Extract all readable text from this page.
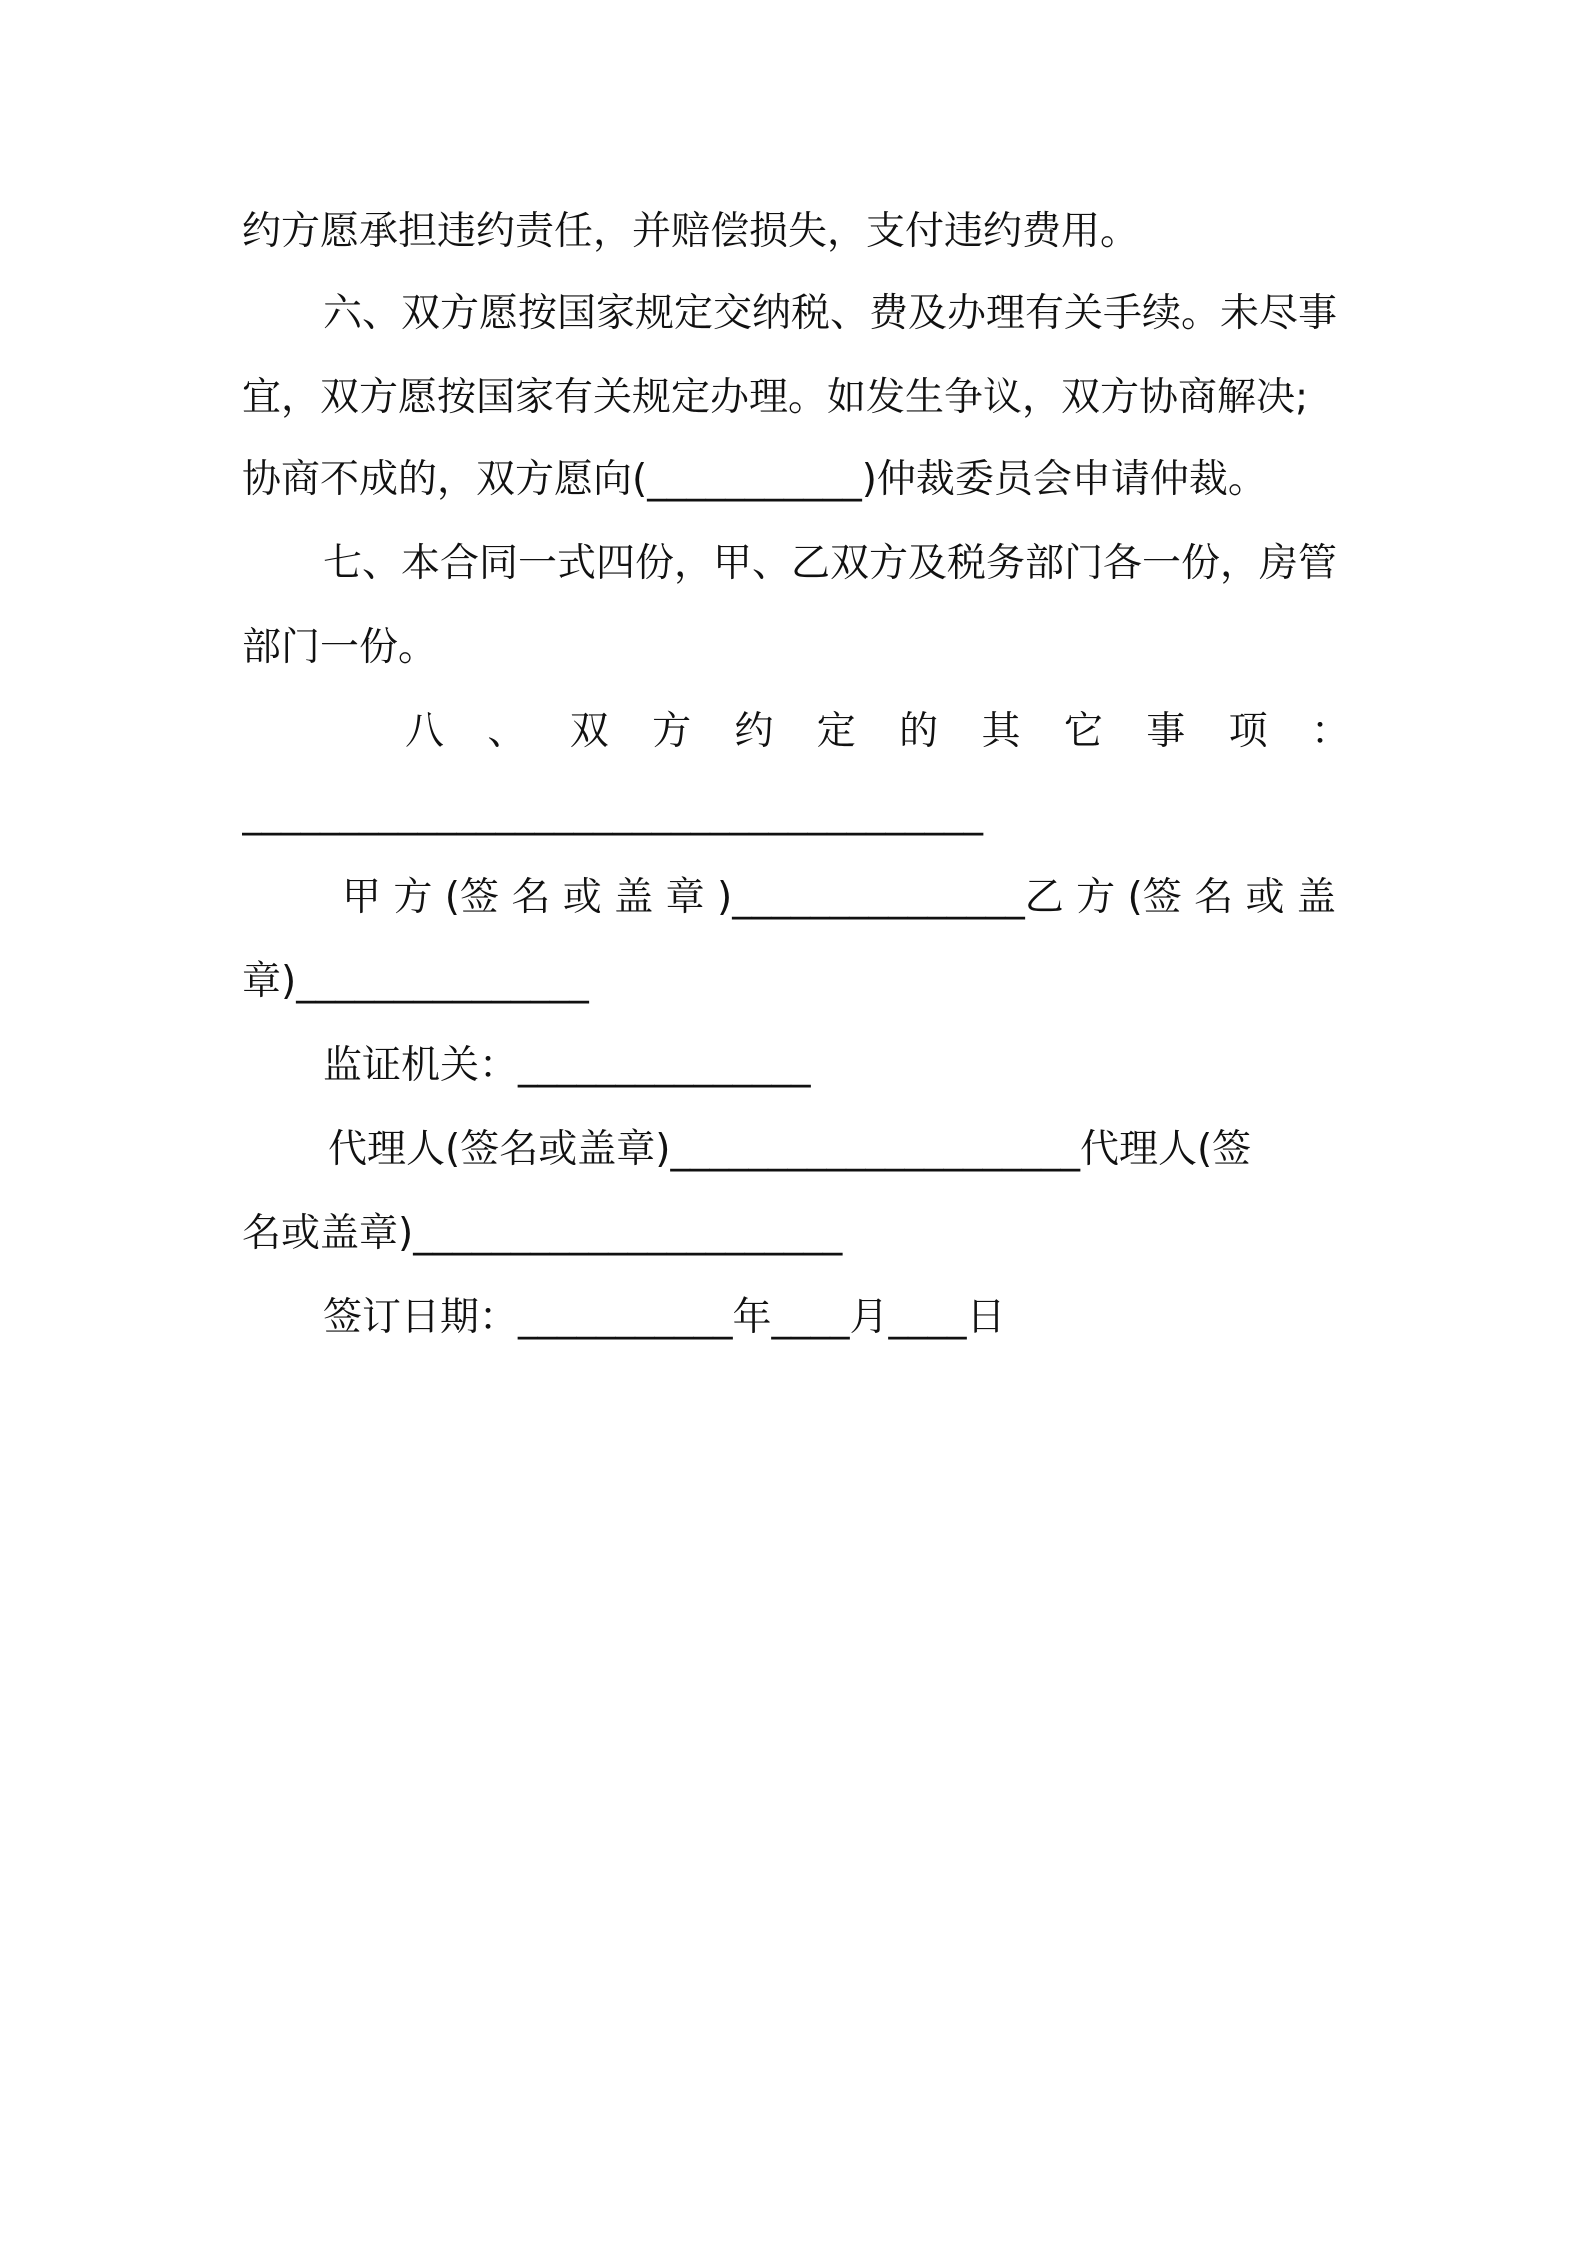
约方愿承担违约责任，并赔偿损失，支付违约费用。
六、双方愿按国家规定交纳税、费及办理有关手续。未尽事
宜，双方愿按国家有关规定办理。如发生争议，双方协商解决;
协商不成的，双方愿向(___________)仲裁委员会申请仲裁。
七、本合同一式四份，甲、乙双方及税务部门各一份，房管
部门一份。
八 、 双 方 约 定 的 其 它 事 项 ：
______________________________________
甲 方 (签 名 或 盖 章 )_______________乙 方 (签 名 或 盖
章)_______________
监证机关：_______________
代理人(签名或盖章)_____________________代理人(签
名或盖章)______________________
签订日期：___________年____月____日
